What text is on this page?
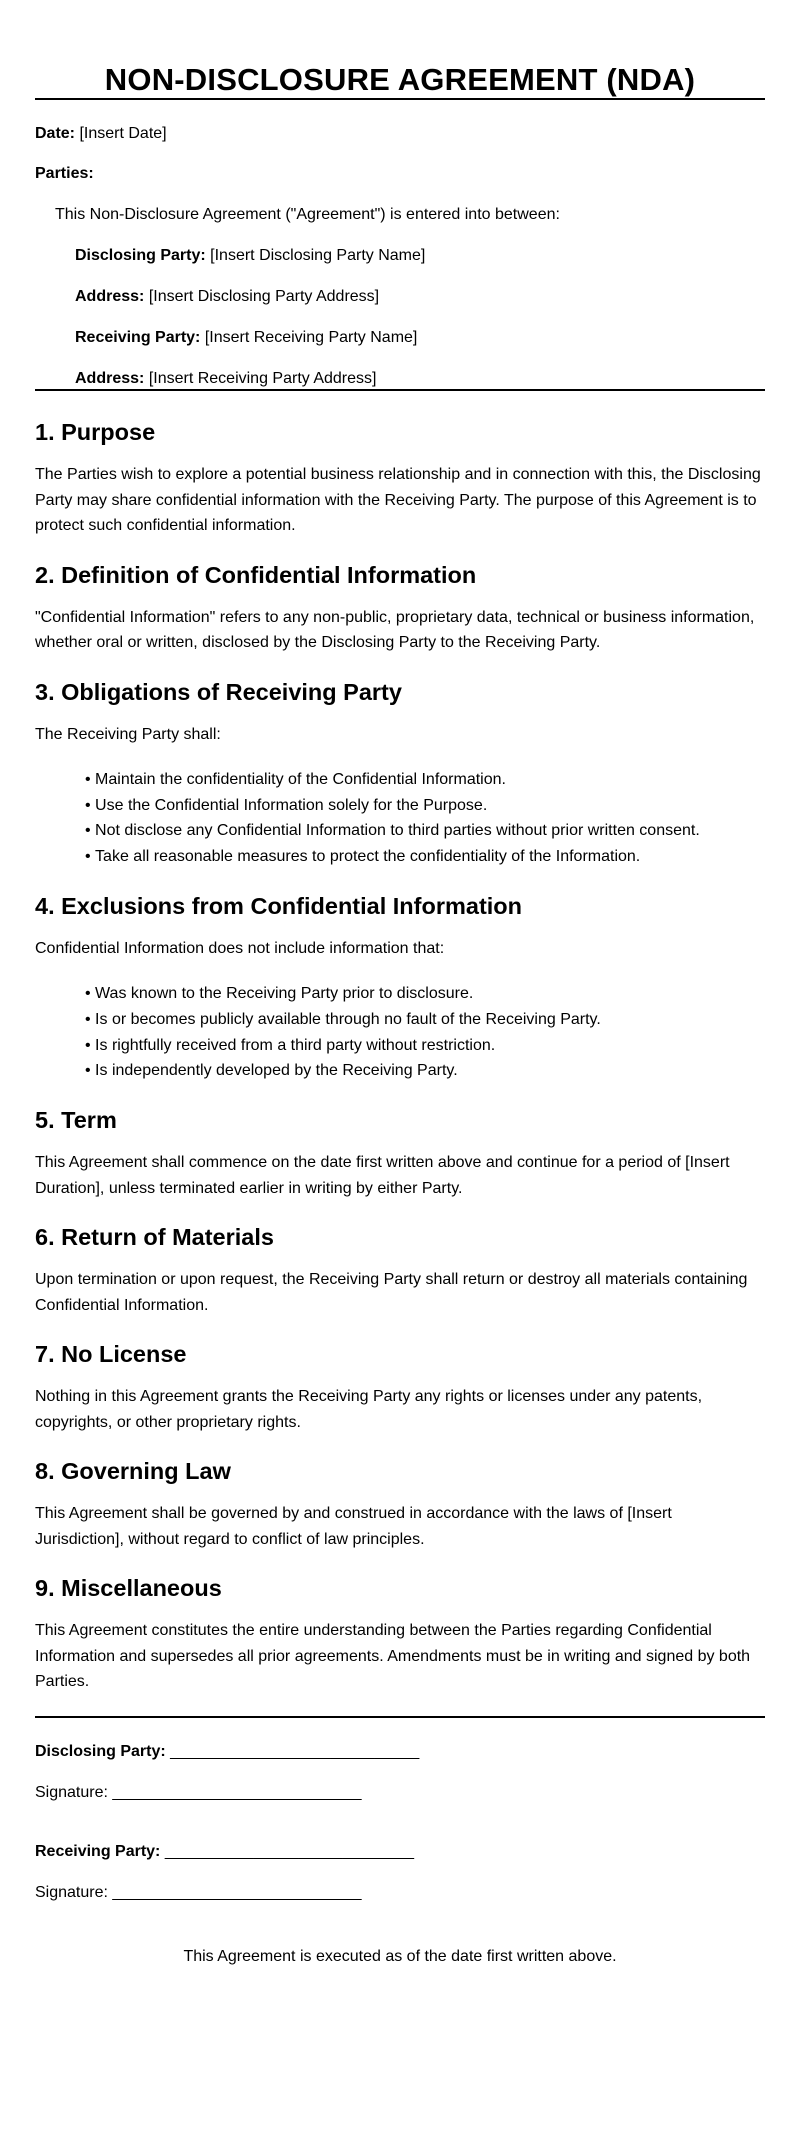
NON-DISCLOSURE AGREEMENT (NDA)

Date: [Insert Date]

Parties:

This Non-Disclosure Agreement ("Agreement") is entered into between:

Disclosing Party: [Insert Disclosing Party Name]

Address: [Insert Disclosing Party Address]

Receiving Party: [Insert Receiving Party Name]

Address: [Insert Receiving Party Address]

1. Purpose

The Parties wish to explore a potential business relationship and in connection with this, the Disclosing Party may share confidential information with the Receiving Party. The purpose of this Agreement is to protect such confidential information.

2. Definition of Confidential Information

"Confidential Information" refers to any non-public, proprietary data, technical or business information, whether oral or written, disclosed by the Disclosing Party to the Receiving Party.

3. Obligations of Receiving Party

The Receiving Party shall:

• Maintain the confidentiality of the Confidential Information.
• Use the Confidential Information solely for the Purpose.
• Not disclose any Confidential Information to third parties without prior written consent.
• Take all reasonable measures to protect the confidentiality of the Information.
4. Exclusions from Confidential Information

Confidential Information does not include information that:

• Was known to the Receiving Party prior to disclosure.
• Is or becomes publicly available through no fault of the Receiving Party.
• Is rightfully received from a third party without restriction.
• Is independently developed by the Receiving Party.
5. Term

This Agreement shall commence on the date first written above and continue for a period of [Insert Duration], unless terminated earlier in writing by either Party.

6. Return of Materials

Upon termination or upon request, the Receiving Party shall return or destroy all materials containing Confidential Information.

7. No License

Nothing in this Agreement grants the Receiving Party any rights or licenses under any patents, copyrights, or other proprietary rights.

8. Governing Law

This Agreement shall be governed by and construed in accordance with the laws of [Insert Jurisdiction], without regard to conflict of law principles.

9. Miscellaneous

This Agreement constitutes the entire understanding between the Parties regarding Confidential Information and supersedes all prior agreements. Amendments must be in writing and signed by both Parties.

Disclosing Party: ____________________________

Signature: ____________________________

Receiving Party: ____________________________

Signature: ____________________________

This Agreement is executed as of the date first written above.
